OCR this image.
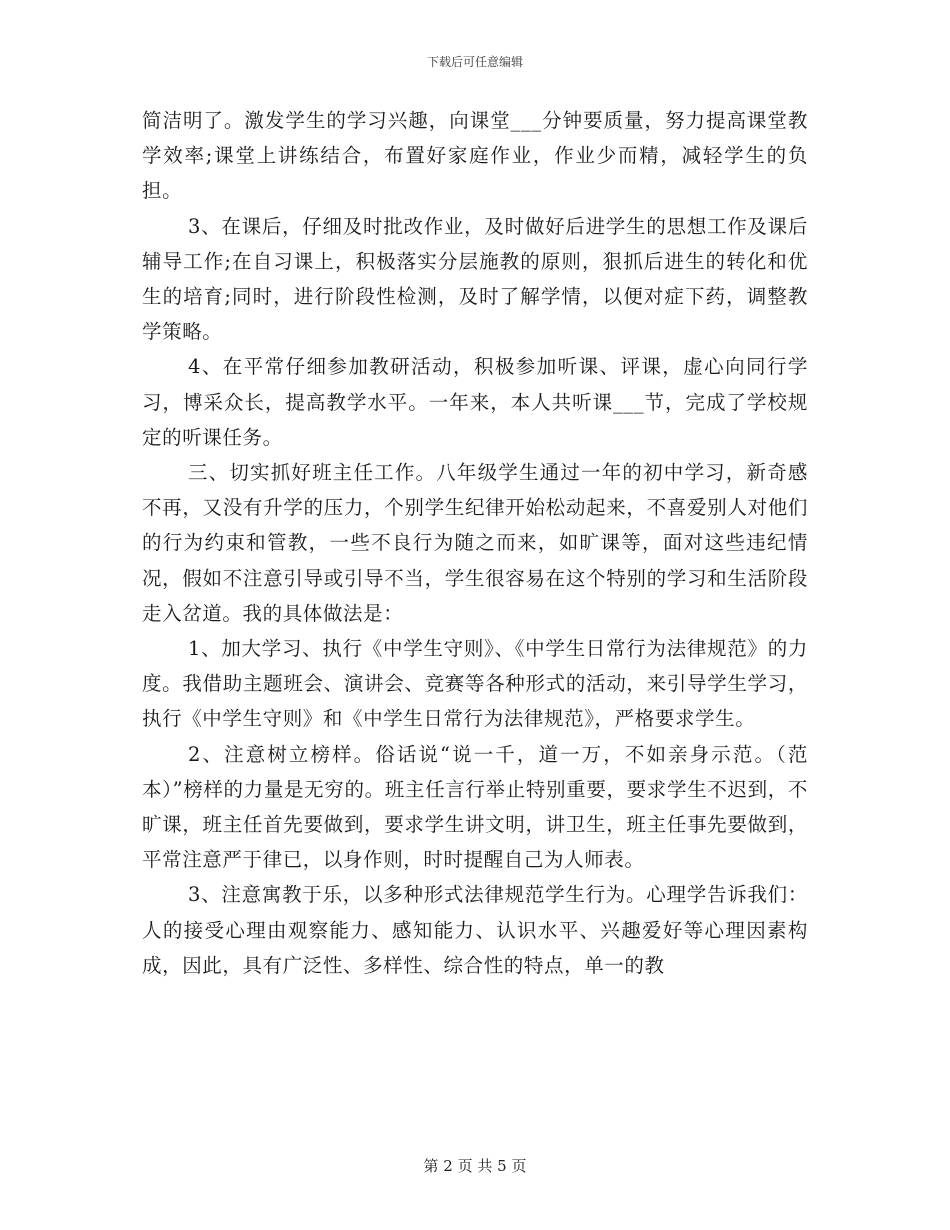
下载后可任意编辑

简洁明了。激发学生的学习兴趣，向课堂___分钟要质量，努力提高课堂教学效率;课堂上讲练结合，布置好家庭作业，作业少而精，减轻学生的负担。

3、在课后，仔细及时批改作业，及时做好后进学生的思想工作及课后辅导工作;在自习课上，积极落实分层施教的原则，狠抓后进生的转化和优生的培育;同时，进行阶段性检测，及时了解学情，以便对症下药，调整教学策略。

4、在平常仔细参加教研活动，积极参加听课、评课，虚心向同行学习，博采众长，提高教学水平。一年来，本人共听课___节，完成了学校规定的听课任务。

三、切实抓好班主任工作。八年级学生通过一年的初中学习，新奇感不再，又没有升学的压力，个别学生纪律开始松动起来，不喜爱别人对他们的行为约束和管教，一些不良行为随之而来，如旷课等，面对这些违纪情况，假如不注意引导或引导不当，学生很容易在这个特别的学习和生活阶段走入岔道。我的具体做法是：

1、加大学习、执行《中学生守则》、《中学生日常行为法律规范》的力度。我借助主题班会、演讲会、竞赛等各种形式的活动，来引导学生学习，执行《中学生守则》和《中学生日常行为法律规范》，严格要求学生。

2、注意树立榜样。俗话说“说一千，道一万，不如亲身示范。（范本）”榜样的力量是无穷的。班主任言行举止特别重要，要求学生不迟到，不旷课，班主任首先要做到，要求学生讲文明，讲卫生，班主任事先要做到，平常注意严于律已，以身作则，时时提醒自己为人师表。

3、注意寓教于乐，以多种形式法律规范学生行为。心理学告诉我们：人的接受心理由观察能力、感知能力、认识水平、兴趣爱好等心理因素构成，因此，具有广泛性、多样性、综合性的特点，单一的教

第 2 页 共 5 页
